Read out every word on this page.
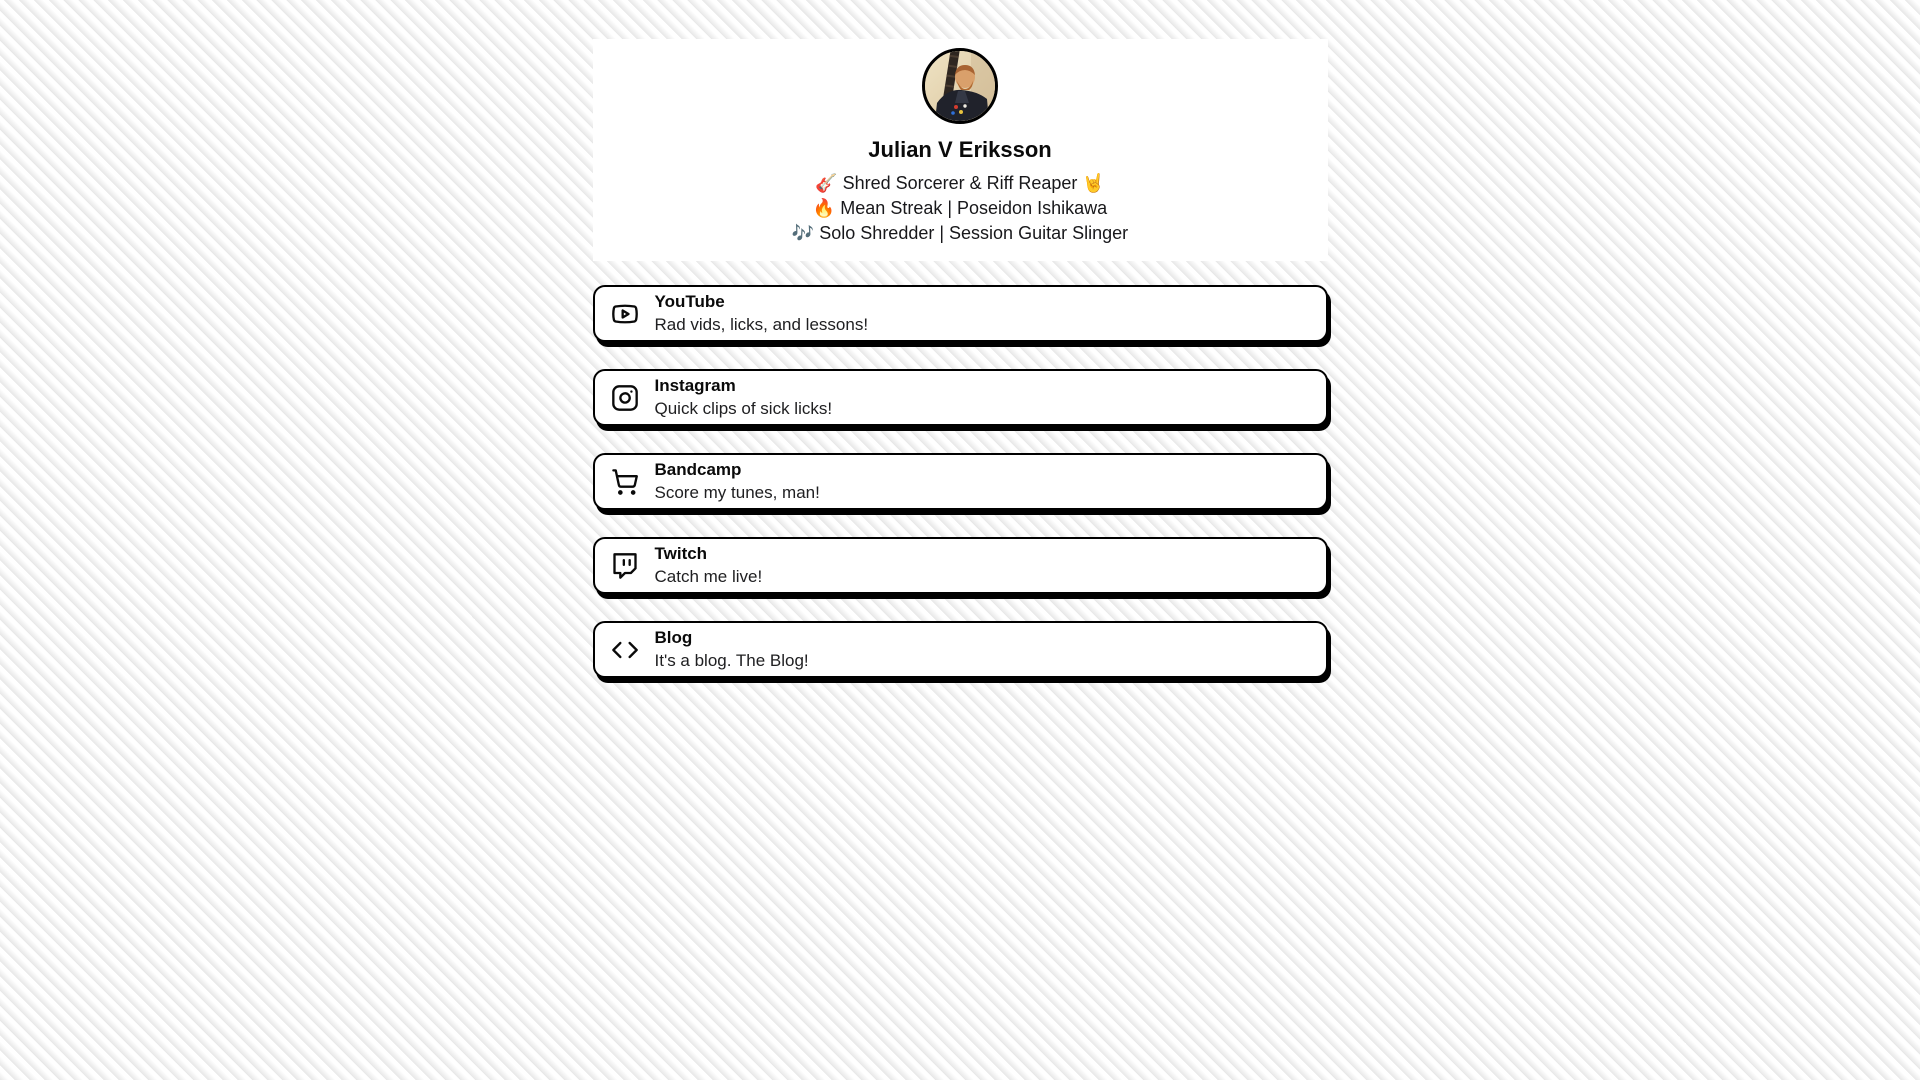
Julian V Eriksson
🎸 Shred Sorcerer & Riff Reaper 🤘
🔥 Mean Streak | Poseidon Ishikawa
🎶 Solo Shredder | Session Guitar Slinger
YouTube
Rad vids, licks, and lessons!
Instagram
Quick clips of sick licks!
Bandcamp
Score my tunes, man!
Twitch
Catch me live!
Blog
It's a blog. The Blog!
